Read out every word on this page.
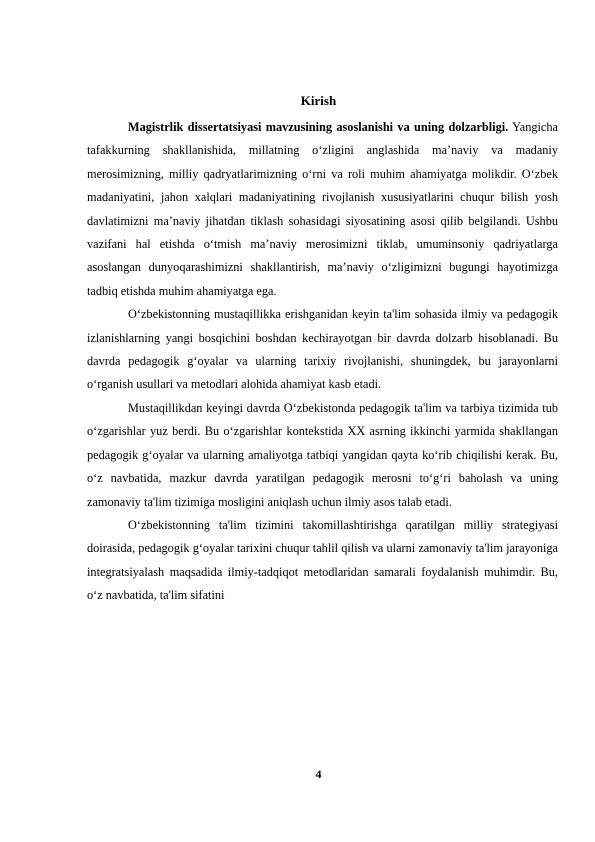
Kirish

Magistrlik dissertatsiyasi mavzusining asoslanishi va uning dolzarbligi. Yangicha tafakkurning shakllanishida, millatning o‘zligini anglashida ma’naviy va madaniy merosimizning, milliy qadryatlarimizning o‘rni va roli muhim ahamiyatga molikdir. O‘zbek madaniyatini, jahon xalqlari madaniyatining rivojlanish xususiyatlarini chuqur bilish yosh davlatimizni ma’naviy jihatdan tiklash sohasidagi siyosatining asosi qilib belgilandi. Ushbu vazifani hal etishda o‘tmish ma’naviy merosimizni tiklab, umuminsoniy qadriyatlarga asoslangan dunyoqarashimizni shakllantirish, ma’naviy o‘zligimizni bugungi hayotimizga tadbiq etishda muhim ahamiyatga ega.

O‘zbekistonning mustaqillikka erishganidan keyin ta'lim sohasida ilmiy va pedagogik izlanishlarning yangi bosqichini boshdan kechirayotgan bir davrda dolzarb hisoblanadi. Bu davrda pedagogik g‘oyalar va ularning tarixiy rivojlanishi, shuningdek, bu jarayonlarni o‘rganish usullari va metodlari alohida ahamiyat kasb etadi.

Mustaqillikdan keyingi davrda O‘zbekistonda pedagogik ta'lim va tarbiya tizimida tub o‘zgarishlar yuz berdi. Bu o‘zgarishlar kontekstida XX asrning ikkinchi yarmida shakllangan pedagogik g‘oyalar va ularning amaliyotga tatbiqi yangidan qayta ko‘rib chiqilishi kerak. Bu, o‘z navbatida, mazkur davrda yaratilgan pedagogik merosni to‘g‘ri baholash va uning zamonaviy ta'lim tizimiga mosligini aniqlash uchun ilmiy asos talab etadi.

O‘zbekistonning ta'lim tizimini takomillashtirishga qaratilgan milliy strategiyasi doirasida, pedagogik g‘oyalar tarixini chuqur tahlil qilish va ularni zamonaviy ta'lim jarayoniga integratsiyalash maqsadida ilmiy-tadqiqot metodlaridan samarali foydalanish muhimdir. Bu, o‘z navbatida, ta'lim sifatini

4
